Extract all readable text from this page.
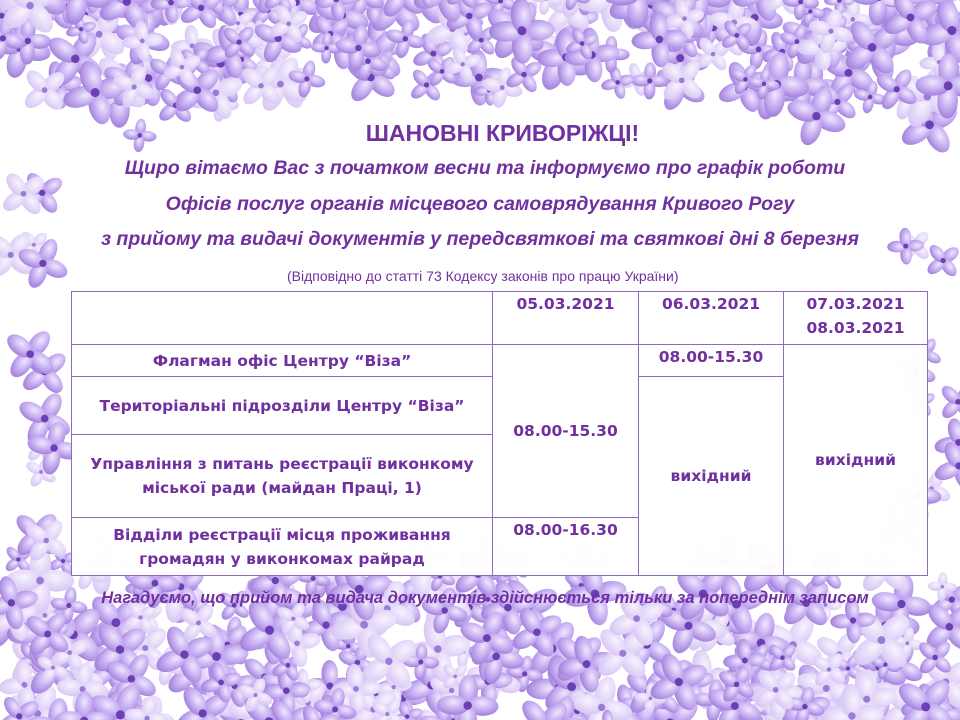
ШАНОВНІ КРИВОРІЖЦІ!
Щиро вітаємо Вас з початком весни та інформуємо про графік роботи
Офісів послуг органів місцевого самоврядування Кривого Рогу
з прийому та видачі документів у передсвяткові та святкові дні 8 березня
(Відповідно до статті 73 Кодексу законів про працю України)
	05.03.2021	06.03.2021	07.03.2021
08.03.2021
Флагман офіс Центру “Віза”	08.00-15.30	08.00-15.30	вихідний
Територіальні підрозділи Центру “Віза”		вихідний	
Управління з питань реєстрації виконкому міської ради (майдан Праці, 1)			
Відділи реєстрації місця проживання громадян у виконкомах райрад	08.00-16.30		
Нагадуємо, що прийом та видача документів здійснюється тільки за попереднім записом
